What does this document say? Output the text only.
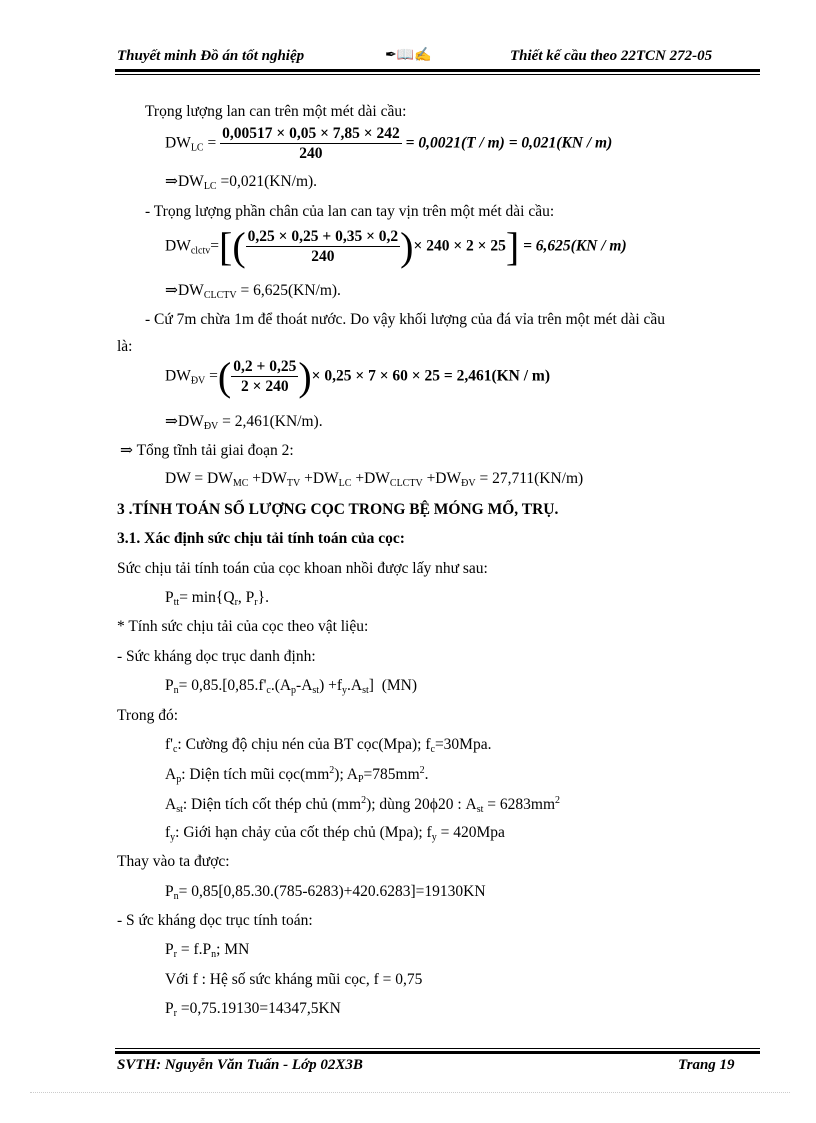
Thuyết minh Đồ án tốt nghiệp	✒📖✍	Thiết kế cầu theo 22TCN 272-05
Trọng lượng lan can trên một mét dài cầu:
$DW_{LC} = \frac{0,00517 \times 0,05 \times 7,85 \times 242}{240} = 0,0021(T / m) = 0,021(KN / m)$
$\Rightarrow DW_{LC} =0,021(KN/m)$.
- Trọng lượng phần chân của lan can tay vịn trên một mét dài cầu:
$DW_{clctv}=[( \frac{0,25 \times 0,25 + 0,35 \times 0,2}{240}$ )× 240 × 2 × 25] = 6,625(KN / m)
$\Rightarrow DW_{CLCTV} = 6,625(KN/m)$.
- Cứ 7m chừa 1m để thoát nước. Do vậy khối lượng của đá vỉa trên một mét dài cầu
là:
$DW_{ĐV}$ =( $\frac{0,2 + 0,25}{2 \times 240}$ )× 0,25 × 7 × 60 × 25 = 2,461(KN / m)
$\Rightarrow DW_{ĐV} = 2,461(KN/m)$.
⇒ Tổng tĩnh tải giai đoạn 2:
DW = $DW_{MC} +DW_{TV} +DW_{LC} +DW_{CLCTV} +DW_{ĐV} = 27,711(KN/m)$
3 .TÍNH TOÁN SỐ LƯỢNG CỌC TRONG BỆ MÓNG MỐ, TRỤ.
3.1. Xác định sức chịu tải tính toán của cọc:
Sức chịu tải tính toán của cọc khoan nhồi được lấy như sau:
$P_{tt}= \min\{Q_r$, $P_r$}.
* Tính sức chịu tải của cọc theo vật liệu:
- Sức kháng dọc trục danh định:
$P_n= 0,85.[0,85.f'_c.(A_p-A_{st}) +f_y.A_{st}]$  (MN)
Trong đó:
$f'_c$: Cường độ chịu nén của BT cọc(Mpa); $f_c=30Mpa$.
$A_p$: Diện tích mũi $cọc(mm^2)$; $A_P=785mm^2$.
$A_{st}$: Diện tích cốt thép chủ $(mm^2)$; dùng 20ϕ20 : $A_{st} = 6283mm^2$
$f_y$: Giới hạn chảy của cốt thép chủ (Mpa); $f_y = 420Mpa$
Thay vào ta được:
$P_n= 0,85[0,85.30.(785-6283)+420.6283]=19130KN$
- S ức kháng dọc trục tính toán:
$P_r = f.P_n$; MN
Với f : Hệ số sức kháng mũi cọc, f = 0,75
$P_r =0,75.19130=14347,5KN$
SVTH: Nguyễn Văn Tuấn - Lớp 02X3B	Trang 19
